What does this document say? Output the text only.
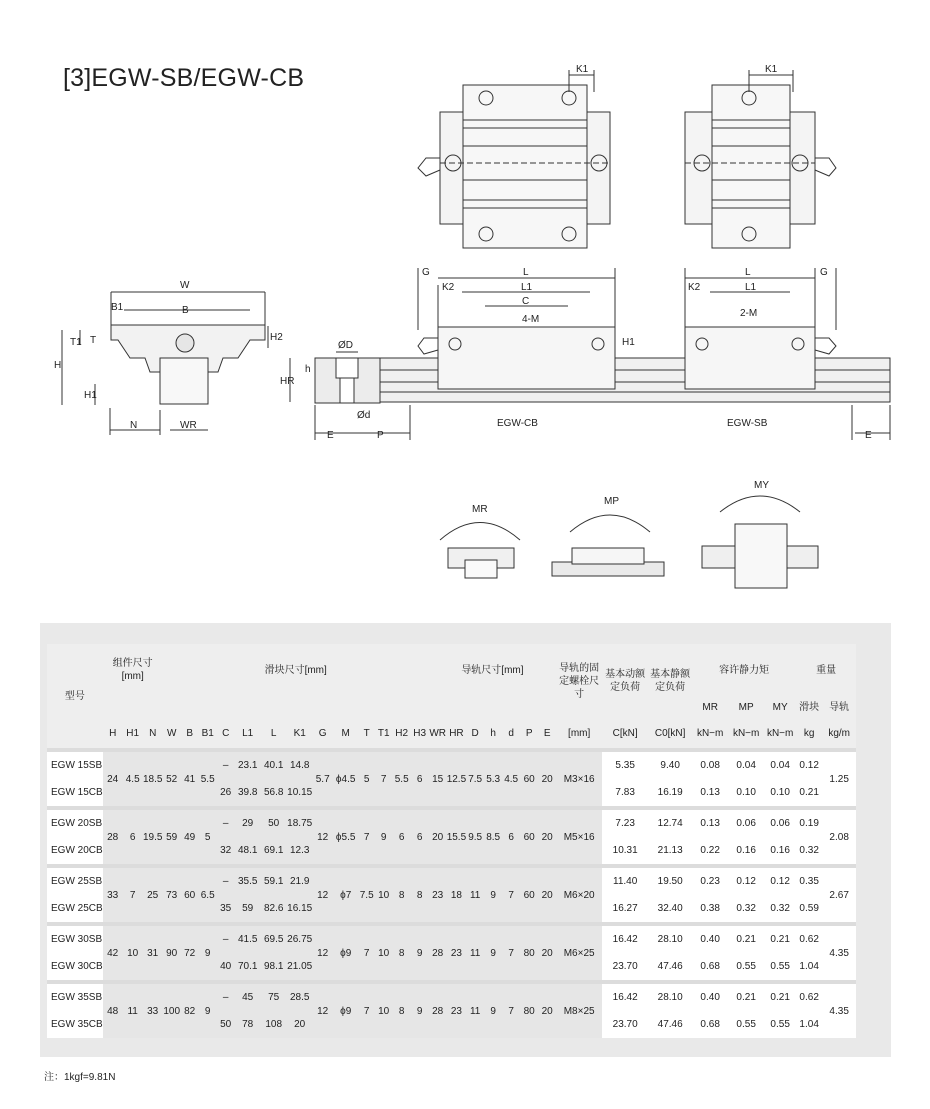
[3]EGW-SB/EGW-CB
W
B
B1
T
T1
H
H1
H2
N	WR
ØD
h
HR
Ød
E	P
G
K2
L
L1
C
4-M
H1
L
L1
K2
2-M
G
K1	K1
E
EGW-CB	EGW-SB
MR
MP
MY
型号	组件尺寸[mm]			滑块尺寸[mm]													导轨尺寸[mm]							导轨的固定螺栓尺寸	基本动额定负荷	基本静额定负荷	容许静力矩			重量	
																											MR	MP	MY	滑块	导轨
	H	H1	N	W	B	B1	C	L1	L	K1	G	M	T	T1	H2	H3	WR	HR	D	h	d	P	E	[mm]	C[kN]	C0[kN]	kN−m	kN−m	kN−m	kg	kg/m

EGW 15SB	24	4.5	18.5	52	41	5.5	–	23.1	40.1	14.8	5.7	ϕ4.5	5	7	5.5	6	15	12.5	7.5	5.3	4.5	60	20	M3×16	5.35	9.40	0.08	0.04	0.04	0.12	1.25
EGW 15CB							26	39.8	56.8	10.15															7.83	16.19	0.13	0.10	0.10	0.21	

EGW 20SB	28	6	19.5	59	49	5	–	29	50	18.75	12	ϕ5.5	7	9	6	6	20	15.5	9.5	8.5	6	60	20	M5×16	7.23	12.74	0.13	0.06	0.06	0.19	2.08
EGW 20CB							32	48.1	69.1	12.3															10.31	21.13	0.22	0.16	0.16	0.32	

EGW 25SB	33	7	25	73	60	6.5	–	35.5	59.1	21.9	12	ϕ7	7.5	10	8	8	23	18	11	9	7	60	20	M6×20	11.40	19.50	0.23	0.12	0.12	0.35	2.67
EGW 25CB							35	59	82.6	16.15															16.27	32.40	0.38	0.32	0.32	0.59	

EGW 30SB	42	10	31	90	72	9	–	41.5	69.5	26.75	12	ϕ9	7	10	8	9	28	23	11	9	7	80	20	M6×25	16.42	28.10	0.40	0.21	0.21	0.62	4.35
EGW 30CB							40	70.1	98.1	21.05															23.70	47.46	0.68	0.55	0.55	1.04	

EGW 35SB	48	11	33	100	82	9	–	45	75	28.5	12	ϕ9	7	10	8	9	28	23	11	9	7	80	20	M8×25	16.42	28.10	0.40	0.21	0.21	0.62	4.35
EGW 35CB							50	78	108	20															23.70	47.46	0.68	0.55	0.55	1.04	
注：1kgf=9.81N
